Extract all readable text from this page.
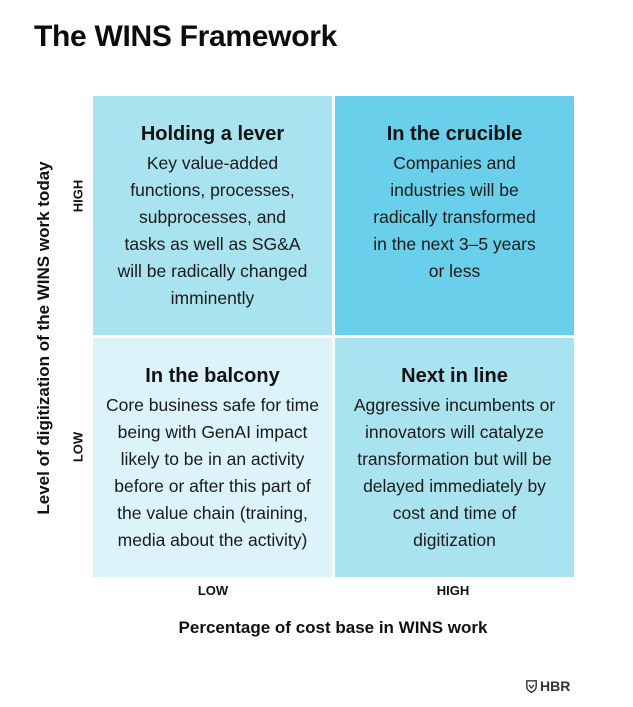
The WINS Framework
Level of digitization of the WINS work today HIGH
LOW
Holding a lever
Key value-added functions, processes, subprocesses, and tasks as well as SG&A will be radically changed imminently
In the crucible
Companies and industries will be radically transformed in the next 3–5 years or less
In the balcony
Core business safe for time being with GenAI impact likely to be in an activity before or after this part of the value chain (training, media about the activity)
Next in line
Aggressive incumbents or innovators will catalyze transformation but will be delayed immediately by cost and time of digitization
LOW	HIGH
Percentage of cost base in WINS work
HBR
